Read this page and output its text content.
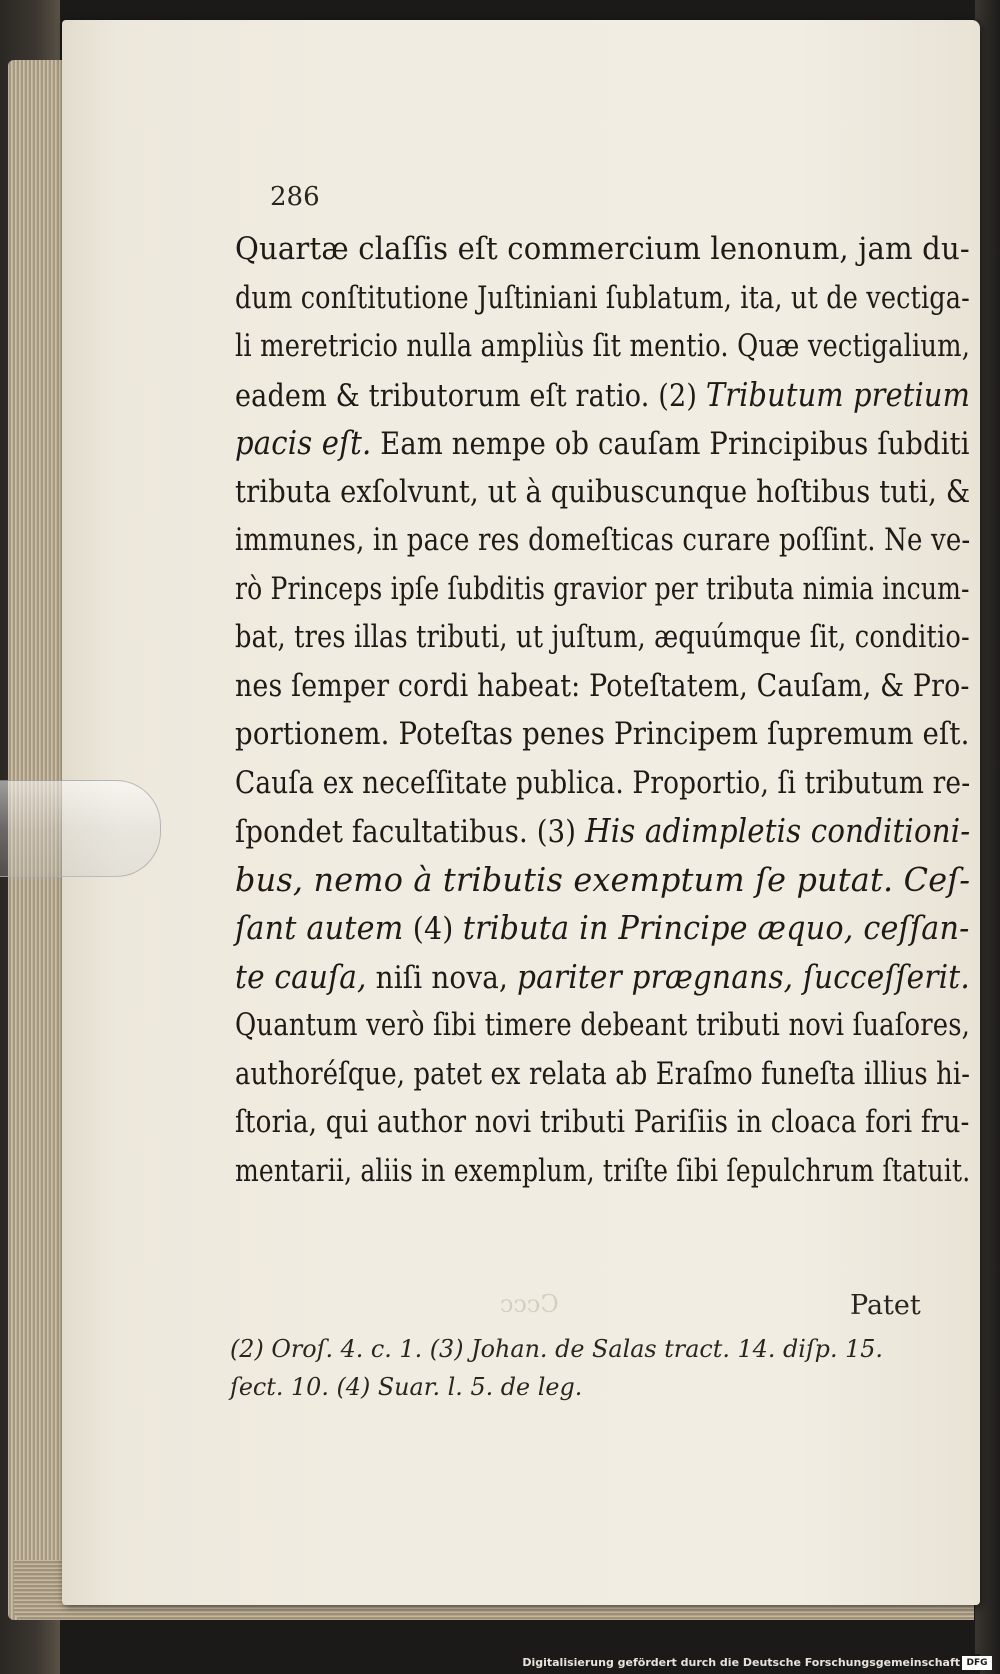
286
Quartæ claſſis eſt commercium lenonum, jam du-
dum conſtitutione Juſtiniani ſublatum, ita, ut de vectiga-
li meretricio nulla ampliùs ſit mentio. Quæ vectigalium,
eadem & tributorum eſt ratio. (2) Tributum pretium
pacis eſt. Eam nempe ob cauſam Principibus ſubditi
tributa exſolvunt, ut à quibuscunque hoſtibus tuti, &
immunes, in pace res domeſticas curare poſſint. Ne ve-
rò Princeps ipſe ſubditis gravior per tributa nimia incum-
bat, tres illas tributi, ut juſtum, æquúmque ſit, conditio-
nes ſemper cordi habeat: Poteſtatem, Cauſam, & Pro-
portionem. Poteſtas penes Principem ſupremum eſt.
Cauſa ex neceſſitate publica. Proportio, ſi tributum re-
ſpondet facultatibus. (3) His adimpletis conditioni-
bus, nemo à tributis exemptum ſe putat. Ceſ-
ſant autem (4) tributa in Principe æquo, ceſſan-
te cauſa, niſi nova, pariter prægnans, ſucceſſerit.
Quantum verò ſibi timere debeant tributi novi ſuaſores,
authoréſque, patet ex relata ab Eraſmo funeſta illius hi-
ſtoria, qui author novi tributi Pariſiis in cloaca fori fru-
mentarii, aliis in exemplum, triſte ſibi ſepulchrum ſtatuit.
Cccc	Patet
(2) Oroſ. 4. c. 1. (3) Johan. de Salas tract. 14. diſp. 15.
ſect. 10. (4) Suar. l. 5. de leg.
Digitalisierung gefördert durch die Deutsche Forschungsgemeinschaft DFG
